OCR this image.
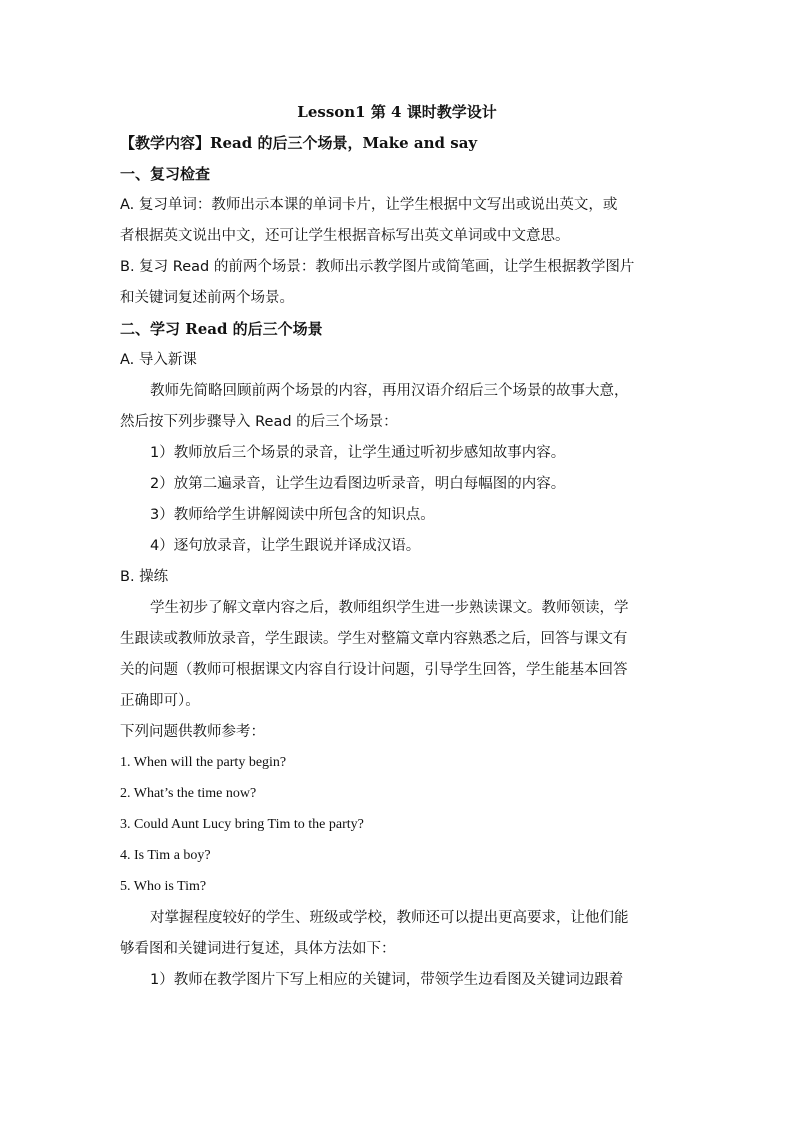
Lesson1 第 4 课时教学设计
【教学内容】Read 的后三个场景，Make and say
一、复习检查
A. 复习单词：教师出示本课的单词卡片，让学生根据中文写出或说出英文，或
者根据英文说出中文，还可让学生根据音标写出英文单词或中文意思。
B. 复习 Read 的前两个场景：教师出示教学图片或简笔画，让学生根据教学图片
和关键词复述前两个场景。
二、学习 Read 的后三个场景
A. 导入新课
教师先简略回顾前两个场景的内容，再用汉语介绍后三个场景的故事大意，
然后按下列步骤导入 Read 的后三个场景：
1）教师放后三个场景的录音，让学生通过听初步感知故事内容。
2）放第二遍录音，让学生边看图边听录音，明白每幅图的内容。
3）教师给学生讲解阅读中所包含的知识点。
4）逐句放录音，让学生跟说并译成汉语。
B. 操练
学生初步了解文章内容之后，教师组织学生进一步熟读课文。教师领读，学
生跟读或教师放录音，学生跟读。学生对整篇文章内容熟悉之后，回答与课文有
关的问题（教师可根据课文内容自行设计问题，引导学生回答，学生能基本回答
正确即可）。
下列问题供教师参考：
1. When will the party begin?
2. What’s the time now?
3. Could Aunt Lucy bring Tim to the party?
4. Is Tim a boy?
5. Who is Tim?
对掌握程度较好的学生、班级或学校，教师还可以提出更高要求，让他们能
够看图和关键词进行复述，具体方法如下：
1）教师在教学图片下写上相应的关键词，带领学生边看图及关键词边跟着
